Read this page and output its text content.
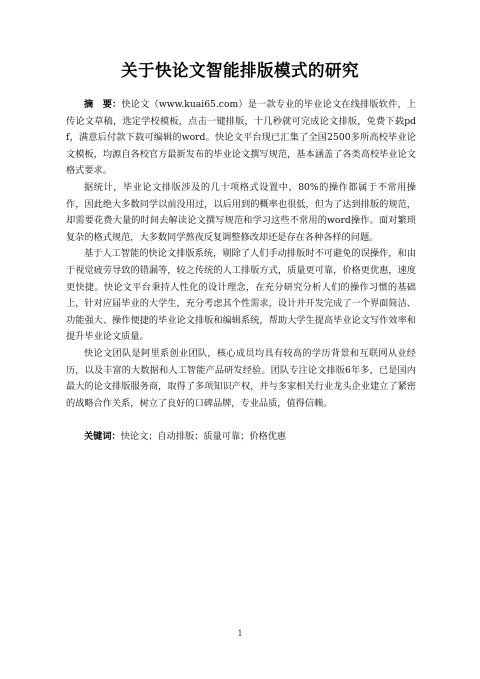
关于快论文智能排版模式的研究

摘　要：快论文（www.kuai65.com）是一款专业的毕业论文在线排版软件，上传论文草稿，选定学校模板，点击一键排版，十几秒就可完成论文排版，免费下载pdf，满意后付款下载可编辑的word。快论文平台现已汇集了全国2500多所高校毕业论文模板，均源自各校官方最新发布的毕业论文撰写规范，基本涵盖了各类高校毕业论文格式要求。

据统计，毕业论文排版涉及的几十项格式设置中，80%的操作都属于不常用操作，因此绝大多数同学以前没用过，以后用到的概率也很低，但为了达到排版的规范，却需要花费大量的时间去解读论文撰写规范和学习这些不常用的word操作。面对繁琐复杂的格式规范，大多数同学熬夜反复调整修改却还是存在各种各样的问题。

基于人工智能的快论文排版系统，剔除了人们手动排版时不可避免的误操作，和由于视觉疲劳导致的错漏等，较之传统的人工排版方式，质量更可靠，价格更优惠，速度更快捷。快论文平台秉持人性化的设计理念，在充分研究分析人们的操作习惯的基础上，针对应届毕业的大学生，充分考虑其个性需求，设计并开发完成了一个界面简洁、功能强大、操作便捷的毕业论文排版和编辑系统，帮助大学生提高毕业论文写作效率和提升毕业论文质量。

快论文团队是阿里系创业团队，核心成员均具有较高的学历背景和互联网从业经历，以及丰富的大数据和人工智能产品研发经验。团队专注论文排版6年多，已是国内最大的论文排版服务商，取得了多项知识产权，并与多家相关行业龙头企业建立了紧密的战略合作关系，树立了良好的口碑品牌，专业品质，值得信赖。

关键词：快论文；自动排版；质量可靠；价格优惠

1
